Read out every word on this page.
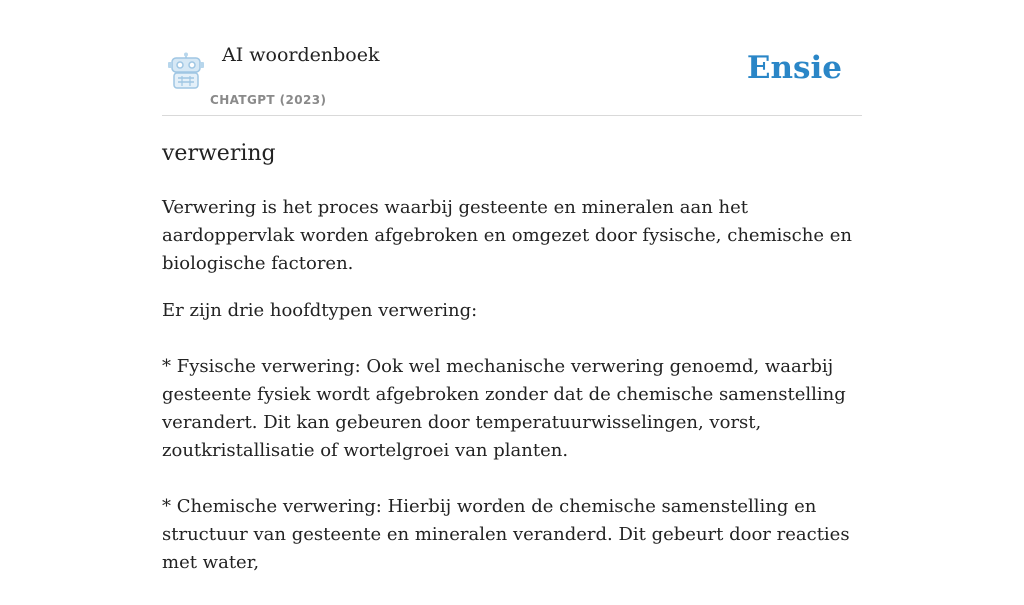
AI woordenboek
CHATGPT (2023)
Ensie
verwering

Verwering is het proces waarbij gesteente en mineralen aan het aardoppervlak worden afgebroken en omgezet door fysische, chemische en biologische factoren.

Er zijn drie hoofdtypen verwering:

* Fysische verwering: Ook wel mechanische verwering genoemd, waarbij gesteente fysiek wordt afgebroken zonder dat de chemische samenstelling verandert. Dit kan gebeuren door temperatuurwisselingen, vorst, zoutkristallisatie of wortelgroei van planten.

* Chemische verwering: Hierbij worden de chemische samenstelling en structuur van gesteente en mineralen veranderd. Dit gebeurt door reacties met water,
